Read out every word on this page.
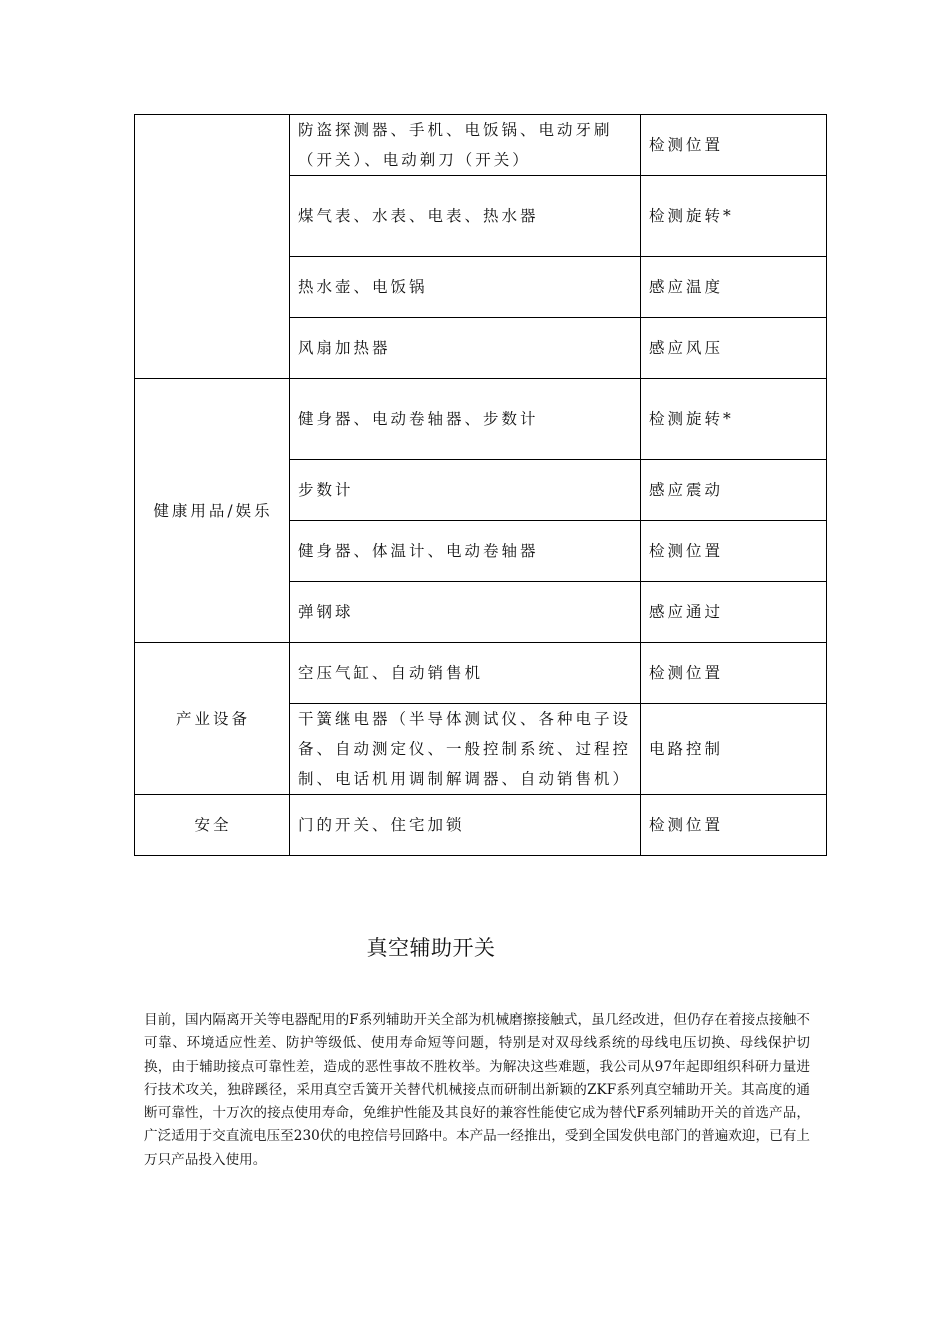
	防盗探测器、手机、电饭锅、电动牙刷（开关）、电动剃刀（开关）	检测位置
	煤气表、水表、电表、热水器	检测旋转*
	热水壶、电饭锅	感应温度
	风扇加热器	感应风压
健康用品/娱乐	健身器、电动卷轴器、步数计	检测旋转*
	步数计	感应震动
	健身器、体温计、电动卷轴器	检测位置
	弹钢球	感应通过
产业设备	空压气缸、自动销售机	检测位置
	干簧继电器（半导体测试仪、各种电子设备、自动测定仪、一般控制系统、过程控制、电话机用调制解调器、自动销售机）	电路控制
安全	门的开关、住宅加锁	检测位置
真空辅助开关

目前，国内隔离开关等电器配用的F系列辅助开关全部为机械磨擦接触式，虽几经改进，但仍存在着接点接触不可靠、环境适应性差、防护等级低、使用寿命短等问题，特别是对双母线系统的母线电压切换、母线保护切换，由于辅助接点可靠性差，造成的恶性事故不胜枚举。为解决这些难题，我公司从97年起即组织科研力量进行技术攻关，独辟蹊径，采用真空舌簧开关替代机械接点而研制出新颖的ZKF系列真空辅助开关。其高度的通断可靠性，十万次的接点使用寿命，免维护性能及其良好的兼容性能使它成为替代F系列辅助开关的首选产品，广泛适用于交直流电压至230伏的电控信号回路中。本产品一经推出，受到全国发供电部门的普遍欢迎，已有上万只产品投入使用。
